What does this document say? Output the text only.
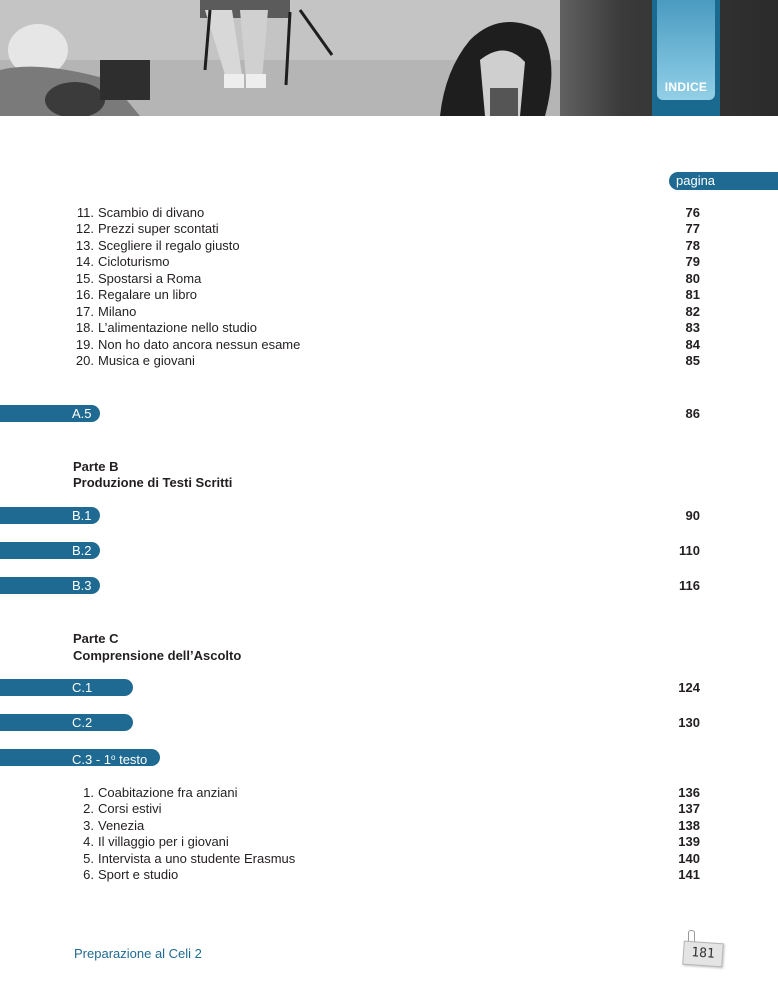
INDICE
pagina
11. Scambio di divano	76
12. Prezzi super scontati	77
13. Scegliere il regalo giusto	78
14. Cicloturismo	79
15. Spostarsi a Roma	80
16. Regalare un libro	81
17. Milano	82
18. L’alimentazione nello studio	83
19. Non ho dato ancora nessun esame	84
20. Musica e giovani	85
A.5	86
Parte B
Produzione di Testi Scritti
B.1	90
B.2	110
B.3	116
Parte C
Comprensione dell’Ascolto
C.1	124
C.2	130
C.3 - 1$^o$ testo
1. Coabitazione fra anziani	136
2. Corsi estivi	137
3. Venezia	138
4. Il villaggio per i giovani	139
5. Intervista a uno studente Erasmus	140
6. Sport e studio	141
Preparazione al Celi 2	181
